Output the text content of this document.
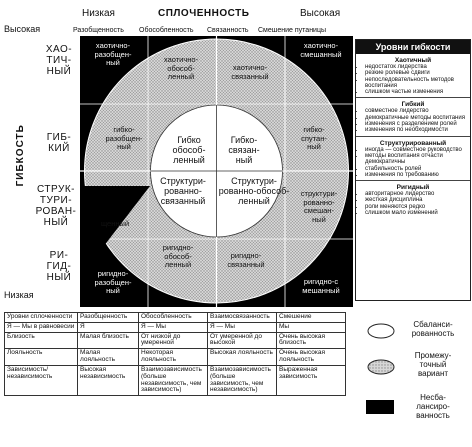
Низкая	СПЛОЧЕННОСТЬ	Высокая
Высокая	Разобщенность Обособленность Связанность Смешение путаницы
ГИБКОСТЬ
Низкая
ХАО-
ТИЧ-
НЫЙ
ГИБ-
КИЙ
СТРУК-
ТУРИ-
РОВАН-
НЫЙ
РИ-
ГИД-
НЫЙ
хаотично-
разобщен-
ный
хаотично-
смешанный
хаотично-
обособ-
ленный
хаотично-
связанный
гибко-
разобщен-
ный
гибко-
спутан-
ный
щенный
структури-
рованно-
смешан-
ный
ригидно-
обособ-
ленный
ригидно-
связанный
ригидно-
разобщен-
ный
ригидно-с
мешанный
Гибко
обособ-
ленный
Гибко-
связан-
ный
Структури-
рованно-
связанный
Структури-
рованно-обособ-
ленный
Уровни гибкости
Хаотичный
• недостаток лидерства
• резкие ролевые сдвиги
• непоследовательность методов воспитания
• слишком частые изменения
Гибкий
• совместное лидерство
• демократичные методы воспитания
• изменения с разделением ролей
• изменения по необходимости
Структурированный
• иногда — совместное руководство
• методы воспитания отчасти демократичны
• стабильность ролей
• изменения по требованию
Ригидный
• авторитарное лидерство
• жесткая дисциплина
• роли меняются редко
• слишком мало изменений
Уровни сплоченности	Разобщенность	Обособленность	Взаимосвязанность	Смешение
Я — Мы в равновесии	Я	Я — Мы	Я — Мы	Мы
Близость	Малая близость	От низкой до умеренной	От умеренной до высокой	Очень высокая близость
Лояльность	Малая лояльность	Некоторая лояльность	Высокая лояльность	Очень высокая лояльность
Зависимость/ независимость	Высокая независимость	Взаимозависимость (больше независимость, чем зависимость)	Взаимозависимость (больше зависимость, чем независимость)	Выраженная зависимость
Сбаланси-
рованность
Промежу-
точный
вариант
Несба-
лансиро-
ванность
